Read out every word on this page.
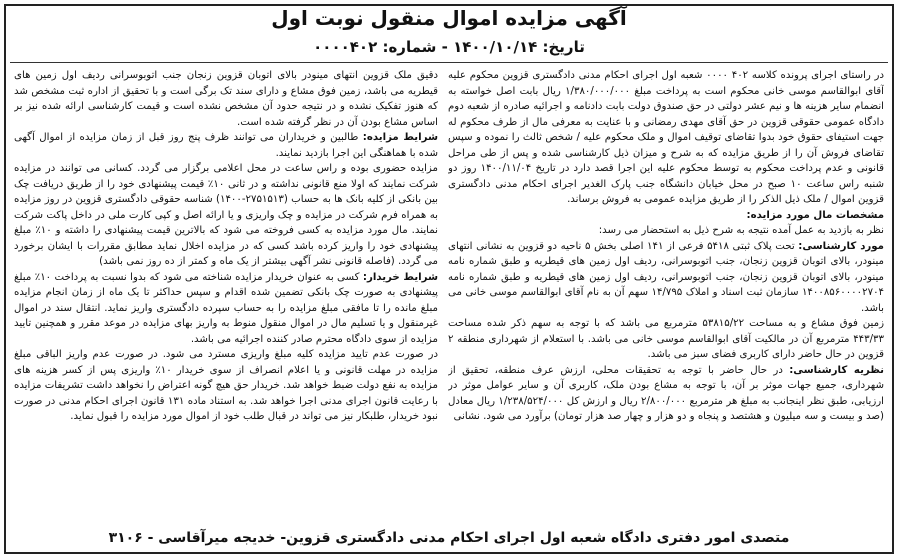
آگهی مزایده اموال منقول نوبت اول
تاریخ: ۱۴۰۰/۱۰/۱۴ - شماره: ۰۰۰۰۴۰۲

در راستای اجرای پرونده کلاسه ۴۰۲ ۰۰۰۰ شعبه اول اجرای احکام مدنی دادگستری قزوین محکوم علیه آقای ابوالقاسم موسی خانی محکوم است به پرداخت مبلغ ۱/۳۸۰/۰۰۰/۰۰۰ ریال بابت اصل خواسته به انضمام سایر هزینه ها و نیم عشر دولتی در حق صندوق دولت بابت دادنامه و اجرائیه صادره از شعبه دوم دادگاه عمومی حقوقی قزوین در حق آقای مهدی رمضانی و با عنایت به معرفی مال از طرف محکوم له جهت استیفای حقوق خود بدوا تقاضای توقیف اموال و ملک محکوم علیه / شخص ثالث را نموده و سپس تقاضای فروش آن را از طریق مزایده که به شرح و میزان ذیل کارشناسی شده و پس از طی مراحل قانونی و عدم پرداخت محکوم به توسط محکوم علیه این اجرا قصد دارد در تاریخ ۱۴۰۰/۱۱/۰۴ روز دو شنبه راس ساعت ۱۰ صبح در محل خیابان دانشگاه جنب پارک الغدیر اجرای احکام مدنی دادگستری قزوین اموال / ملک ذیل الذکر را از طریق مزایده عمومی به فروش برساند.

مشخصات مال مورد مزایده:

نظر به بازدید به عمل آمده نتیجه به شرح ذیل به استحضار می رسد:

مورد کارشناسی: تحت پلاک ثبتی ۵۴۱۸ فرعی از ۱۴۱ اصلی بخش ۵ ناحیه دو قزوین به نشانی انتهای مینودر، بالای اتوبان قزوین زنجان، جنب اتوبوسرانی، ردیف اول زمین های قیطریه و طبق شماره نامه مینودر، بالای اتوبان قزوین زنجان، جنب اتوبوسرانی، ردیف اول زمین های قیطریه و طبق شماره نامه ۱۴۰۰۸۵۶۰۰۰۰۲۷۰۴ سازمان ثبت اسناد و املاک ۱۴/۷۹۵ سهم آن به نام آقای ابوالقاسم موسی خانی می باشد.

زمین فوق مشاع و به مساحت ۵۳۸۱۵/۲۲ مترمربع می باشد که با توجه به سهم ذکر شده مساحت ۴۴۳/۳۳ مترمربع آن در مالکیت آقای ابوالقاسم موسی خانی می باشد. با استعلام از شهرداری منطقه ۲ قزوین در حال حاضر دارای کاربری فضای سبز می باشد.

نظریه کارشناسی: در حال حاضر با توجه به تحقیقات محلی، ارزش عرف منطقه، تحقیق از شهرداری، جمیع جهات موثر بر آن، با توجه به مشاع بودن ملک، کاربری آن و سایر عوامل موثر در ارزیابی، طبق نظر اینجانب به مبلغ هر مترمربع ۲/۸۰۰/۰۰۰ ریال و ارزش کل ۱/۲۳۸/۵۲۴/۰۰۰ ریال معادل (صد و بیست و سه میلیون و هشتصد و پنجاه و دو هزار و چهار صد هزار تومان) برآورد می شود. نشانی

دقیق ملک قزوین انتهای مینودر بالای اتوبان قزوین زنجان جنب اتوبوسرانی ردیف اول زمین های قیطریه می باشد، زمین فوق مشاع و دارای سند تک برگی است و با تحقیق از اداره ثبت مشخص شد که هنوز تفکیک نشده و در نتیجه حدود آن مشخص نشده است و قیمت کارشناسی ارائه شده نیز بر اساس مشاع بودن آن در نظر گرفته شده است.

شرایط مزایده: طالبین و خریداران می توانند ظرف پنج روز قبل از زمان مزایده از اموال آگهی شده با هماهنگی این اجرا بازدید نمایند.

مزایده حضوری بوده و راس ساعت در محل اعلامی برگزار می گردد. کسانی می توانند در مزایده شرکت نمایند که اولا منع قانونی نداشته و در ثانی ۱۰٪ قیمت پیشنهادی خود را از طریق دریافت چک بین بانکی از کلیه بانک ها به حساب (۲۷۵۱۵۱۳-۱۴۰۰) شناسه حقوقی دادگستری قزوین در روز مزایده به همراه فرم شرکت در مزایده و چک واریزی و یا ارائه اصل و کپی کارت ملی در داخل پاکت شرکت نمایند. مال مورد مزایده به کسی فروخته می شود که بالاترین قیمت پیشنهادی را داشته و ۱۰٪ مبلغ پیشنهادی خود را واریز کرده باشد کسی که در مزایده اخلال نماید مطابق مقررات با ایشان برخورد می گردد. (فاصله قانونی نشر آگهی بیشتر از یک ماه و کمتر از ده روز نمی باشد)

شرایط خریدار: کسی به عنوان خریدار مزایده شناخته می شود که بدوا نسبت به پرداخت ۱۰٪ مبلغ پیشنهادی به صورت چک بانکی تضمین شده اقدام و سپس حداکثر تا یک ماه از زمان انجام مزایده مبلغ مانده را تا مافقی مبلغ مزایده را به حساب سپرده دادگستری واریز نماید. انتقال سند در اموال غیرمنقول و یا تسلیم مال در اموال منقول منوط به واریز بهای مزایده در موعد مقرر و همچنین تایید مزایده از سوی دادگاه محترم صادر کننده اجرائیه می باشد.

در صورت عدم تایید مزایده کلیه مبلغ واریزی مسترد می شود. در صورت عدم واریز الباقی مبلغ مزایده در مهلت قانونی و یا اعلام انصراف از سوی خریدار ۱۰٪ واریزی پس از کسر هزینه های مزایده به نفع دولت ضبط خواهد شد. خریدار حق هیچ گونه اعتراض را نخواهد داشت تشریفات مزایده با رعایت قانون اجرای مدنی اجرا خواهد شد. به استناد ماده ۱۳۱ قانون اجرای احکام مدنی در صورت نبود خریدار، طلبکار نیز می تواند در قبال طلب خود از اموال مورد مزایده را قبول نماید.

متصدی امور دفتری دادگاه شعبه اول اجرای احکام مدنی دادگستری قزوین- خدیجه میرآقاسی - ۳۱۰۶
